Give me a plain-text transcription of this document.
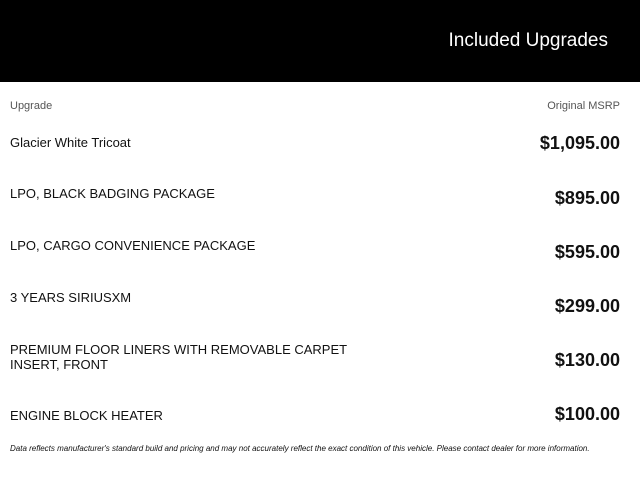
Included Upgrades
Upgrade	Original MSRP
Glacier White Tricoat	$1,095.00
LPO, BLACK BADGING PACKAGE	$895.00
LPO, CARGO CONVENIENCE PACKAGE	$595.00
3 YEARS SIRIUSXM	$299.00
PREMIUM FLOOR LINERS WITH REMOVABLE CARPET INSERT, FRONT	$130.00
ENGINE BLOCK HEATER	$100.00
Data reflects manufacturer's standard build and pricing and may not accurately reflect the exact condition of this vehicle. Please contact dealer for more information.
